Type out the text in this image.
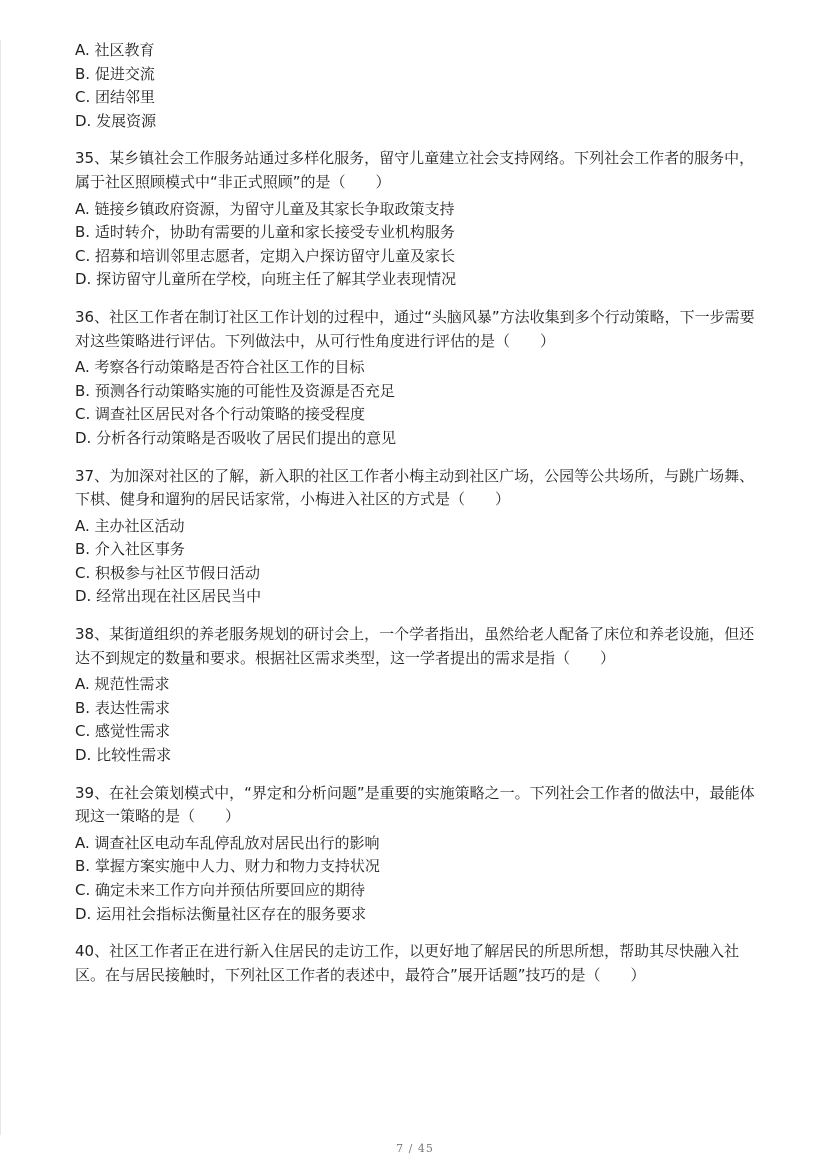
A. 社区教育
B. 促进交流
C. 团结邻里
D. 发展资源
35、某乡镇社会工作服务站通过多样化服务，留守儿童建立社会支持网络。下列社会工作者的服务中，属于社区照顾模式中“非正式照顾”的是（　　）
A. 链接乡镇政府资源，为留守儿童及其家长争取政策支持
B. 适时转介，协助有需要的儿童和家长接受专业机构服务
C. 招募和培训邻里志愿者，定期入户探访留守儿童及家长
D. 探访留守儿童所在学校，向班主任了解其学业表现情况
36、社区工作者在制订社区工作计划的过程中，通过“头脑风暴”方法收集到多个行动策略，下一步需要对这些策略进行评估。下列做法中，从可行性角度进行评估的是（　　）
A. 考察各行动策略是否符合社区工作的目标
B. 预测各行动策略实施的可能性及资源是否充足
C. 调查社区居民对各个行动策略的接受程度
D. 分析各行动策略是否吸收了居民们提出的意见
37、为加深对社区的了解，新入职的社区工作者小梅主动到社区广场，公园等公共场所，与跳广场舞、下棋、健身和遛狗的居民话家常，小梅进入社区的方式是（　　）
A. 主办社区活动
B. 介入社区事务
C. 积极参与社区节假日活动
D. 经常出现在社区居民当中
38、某街道组织的养老服务规划的研讨会上，一个学者指出，虽然给老人配备了床位和养老设施，但还达不到规定的数量和要求。根据社区需求类型，这一学者提出的需求是指（　　）
A. 规范性需求
B. 表达性需求
C. 感觉性需求
D. 比较性需求
39、在社会策划模式中，“界定和分析问题”是重要的实施策略之一。下列社会工作者的做法中，最能体现这一策略的是（　　）
A. 调查社区电动车乱停乱放对居民出行的影响
B. 掌握方案实施中人力、财力和物力支持状况
C. 确定未来工作方向并预估所要回应的期待
D. 运用社会指标法衡量社区存在的服务要求
40、社区工作者正在进行新入住居民的走访工作，以更好地了解居民的所思所想，帮助其尽快融入社区。在与居民接触时，下列社区工作者的表述中，最符合”展开话题”技巧的是（　　）
7 / 45
